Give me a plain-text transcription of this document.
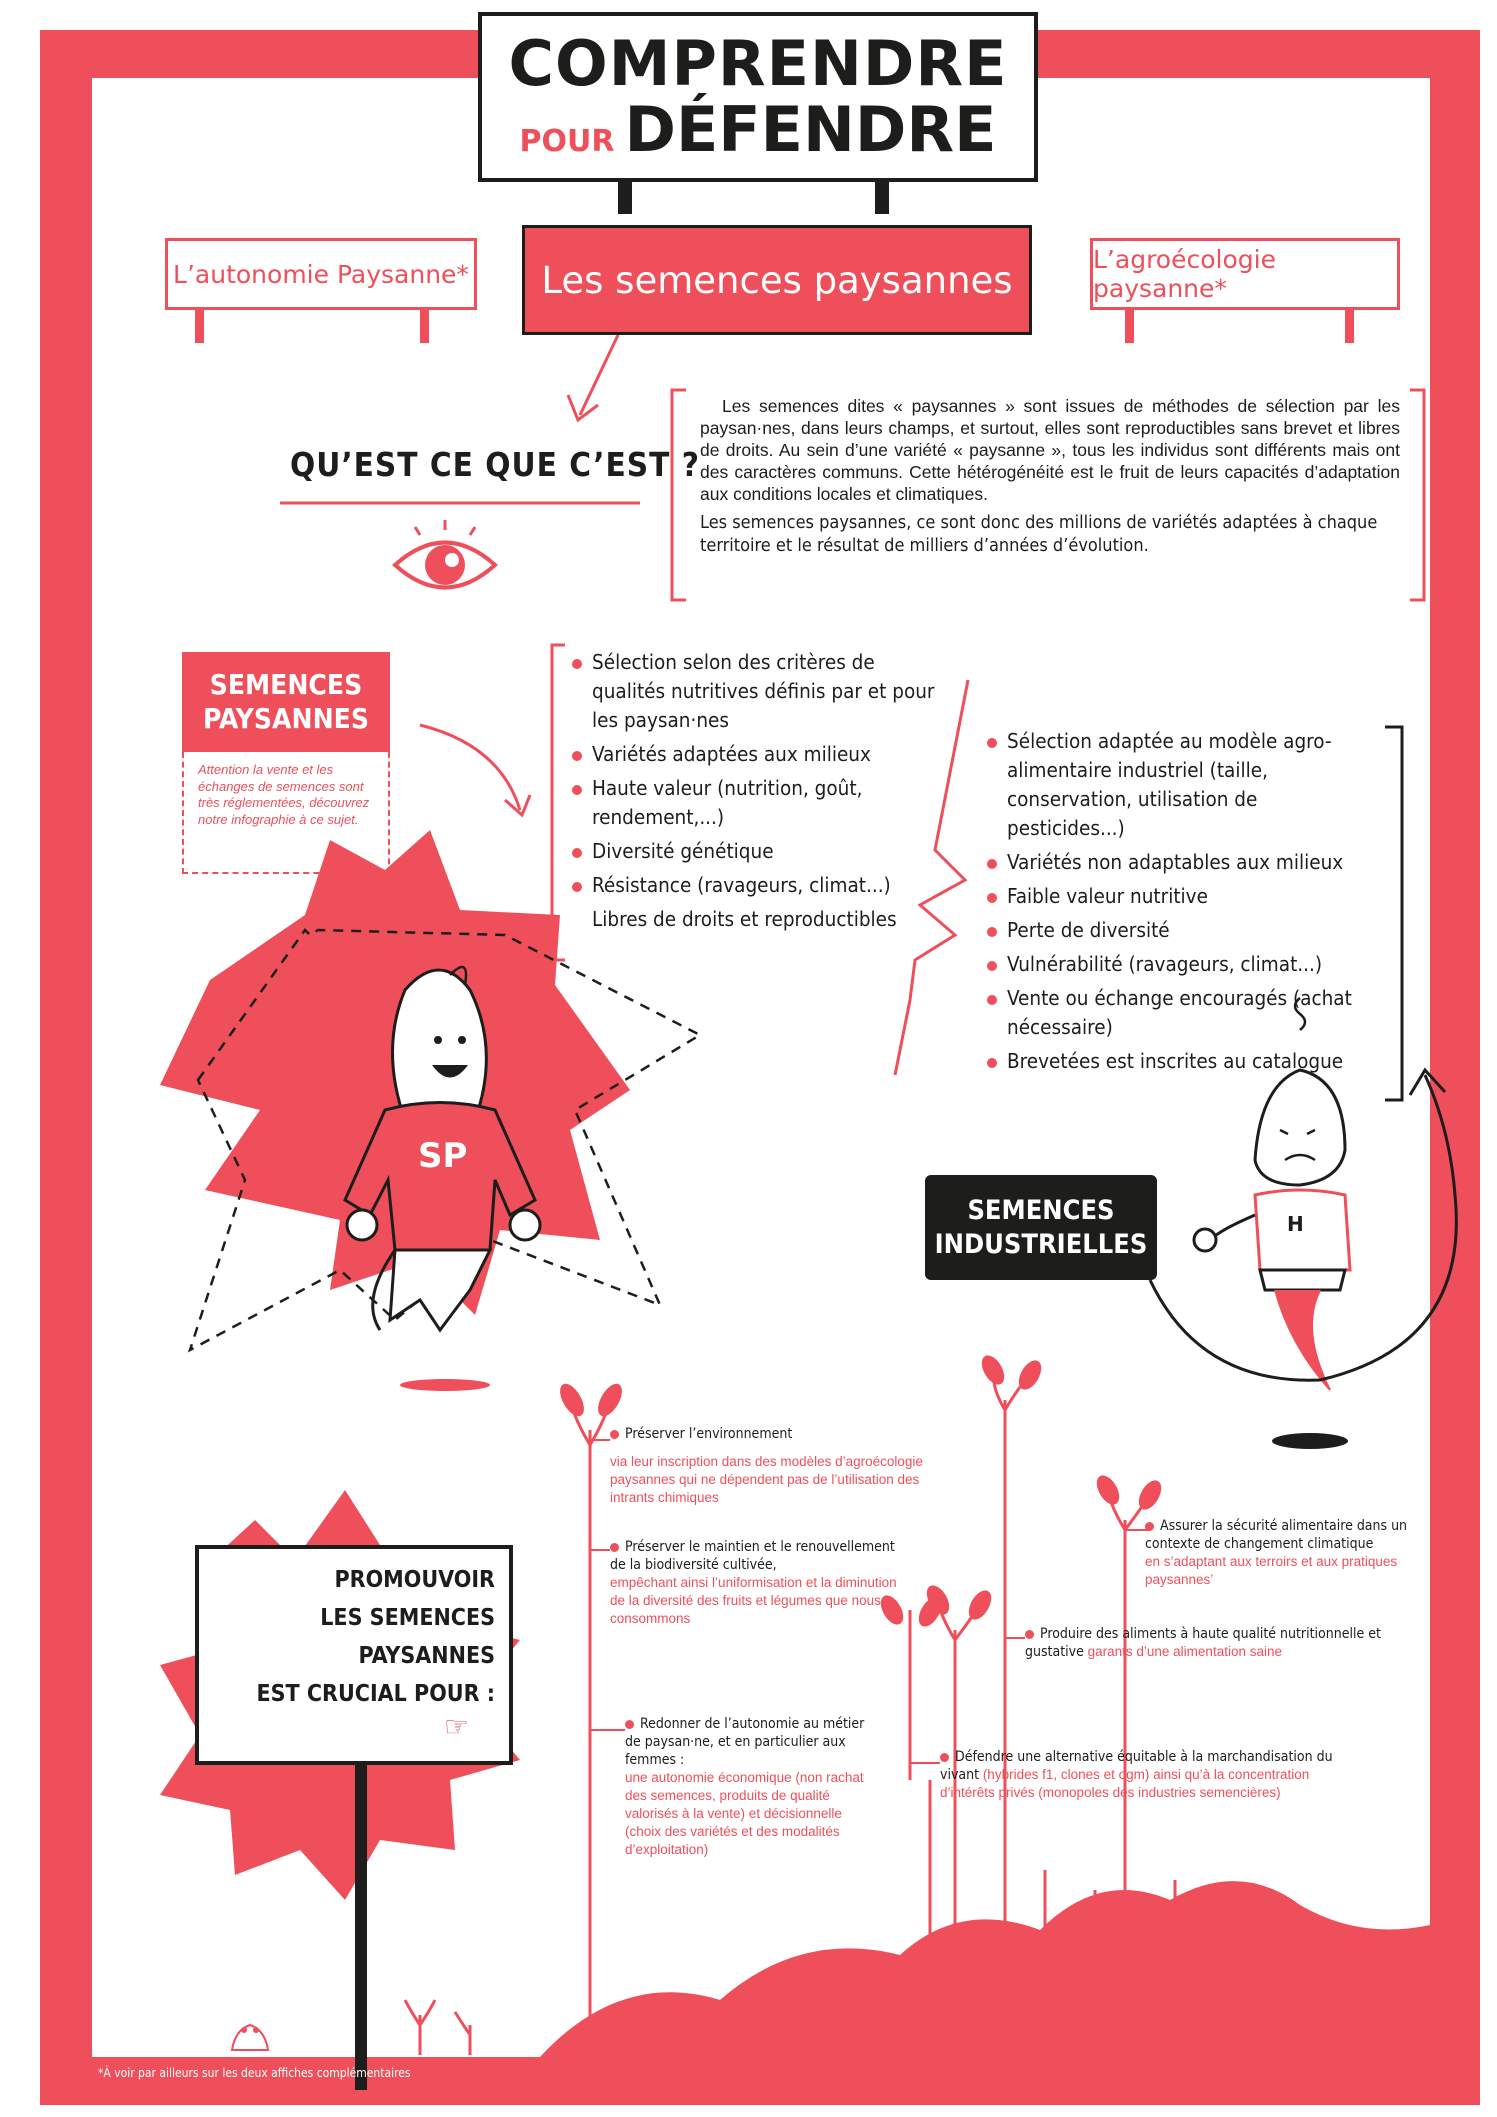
COMPRENDRE
POUR DÉFENDRE
L’autonomie Paysanne* Les semences paysannes	L’agroécologie paysanne*
QU’EST CE QUE C’EST ?

Les semences dites « paysannes » sont issues de méthodes de sélection par les paysan·nes, dans leurs champs, et surtout, elles sont reproductibles sans brevet et libres de droits. Au sein d’une variété « paysanne », tous les individus sont différents mais ont des caractères communs. Cette hétérogénéité est le fruit de leurs capacités d’adaptation aux conditions locales et climatiques.

Les semences paysannes, ce sont donc des millions de variétés adaptées à chaque territoire et le résultat de milliers d’années d’évolution.

SEMENCES
PAYSANNES
Attention la vente et les échanges de semences sont très réglementées, découvrez notre infographie à ce sujet.
Sélection selon des critères de qualités nutritives définis par et pour les paysan·nes
Variétés adaptées aux milieux
Haute valeur (nutrition, goût, rendement,...)
Diversité génétique
Résistance (ravageurs, climat...)
Libres de droits et reproductibles
SP
Sélection adaptée au modèle agro-alimentaire industriel (taille, conservation, utilisation de pesticides...)
Variétés non adaptables aux milieux
Faible valeur nutritive
Perte de diversité
Vulnérabilité (ravageurs, climat...)
Vente ou échange encouragés (achat nécessaire)
Brevetées est inscrites au catalogue
SEMENCES
INDUSTRIELLES
H
PROMOUVOIR
LES SEMENCES PAYSANNES
EST CRUCIAL POUR :
☞
Préserver l’environnement
via leur inscription dans des modèles d’agroécologie paysannes qui ne dépendent pas de l’utilisation des intrants chimiques
Préserver le maintien et le renouvellement de la biodiversité cultivée,
empêchant ainsi l’uniformisation et la diminution de la diversité des fruits et légumes que nous consommons
Redonner de l’autonomie au métier de paysan·ne, et en particulier aux femmes :
une autonomie économique (non rachat des semences, produits de qualité valorisés à la vente) et décisionnelle (choix des variétés et des modalités d’exploitation)
Assurer la sécurité alimentaire dans un contexte de changement climatique
en s’adaptant aux terroirs et aux pratiques paysannes’
Produire des aliments à haute qualité nutritionnelle et gustative garants d’une alimentation saine
Défendre une alternative équitable à la marchandisation du vivant (hybrides f1, clones et ogm) ainsi qu’à la concentration d’intérêts privés (monopoles des industries semencières)
*À voir par ailleurs sur les deux affiches complémentaires
